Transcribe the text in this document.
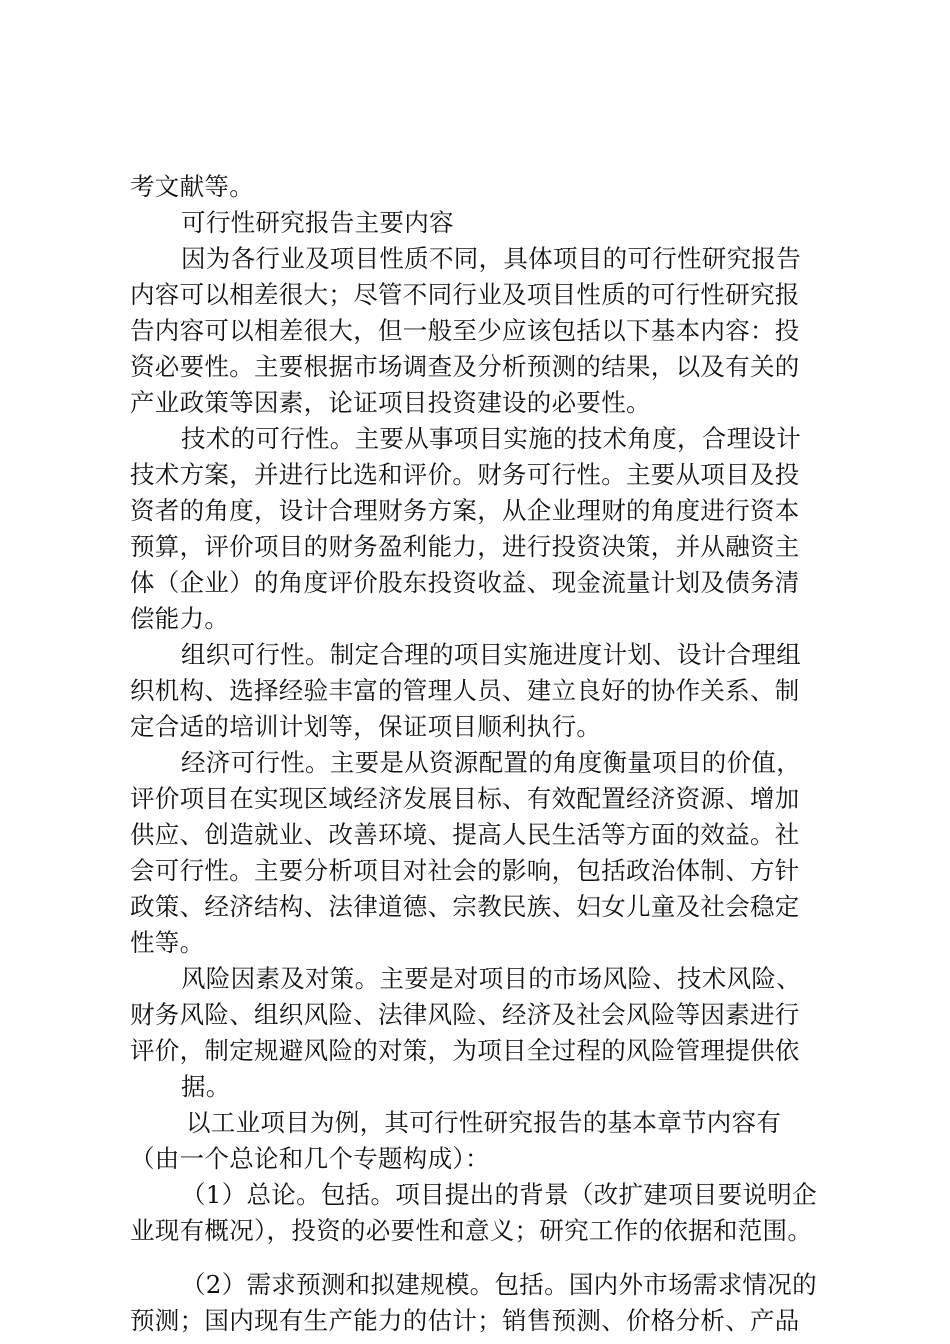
考文献等。
可行性研究报告主要内容
因为各行业及项目性质不同，具体项目的可行性研究报告
内容可以相差很大；尽管不同行业及项目性质的可行性研究报
告内容可以相差很大，但一般至少应该包括以下基本内容：投
资必要性。主要根据市场调查及分析预测的结果，以及有关的
产业政策等因素，论证项目投资建设的必要性。
技术的可行性。主要从事项目实施的技术角度，合理设计
技术方案，并进行比选和评价。财务可行性。主要从项目及投
资者的角度，设计合理财务方案，从企业理财的角度进行资本
预算，评价项目的财务盈利能力，进行投资决策，并从融资主
体（企业）的角度评价股东投资收益、现金流量计划及债务清
偿能力。
组织可行性。制定合理的项目实施进度计划、设计合理组
织机构、选择经验丰富的管理人员、建立良好的协作关系、制
定合适的培训计划等，保证项目顺利执行。
经济可行性。主要是从资源配置的角度衡量项目的价值，
评价项目在实现区域经济发展目标、有效配置经济资源、增加
供应、创造就业、改善环境、提高人民生活等方面的效益。社
会可行性。主要分析项目对社会的影响，包括政治体制、方针
政策、经济结构、法律道德、宗教民族、妇女儿童及社会稳定
性等。
风险因素及对策。主要是对项目的市场风险、技术风险、
财务风险、组织风险、法律风险、经济及社会风险等因素进行
评价，制定规避风险的对策，为项目全过程的风险管理提供依
据。
以工业项目为例，其可行性研究报告的基本章节内容有
（由一个总论和几个专题构成）：
（1）总论。包括。项目提出的背景（改扩建项目要说明企
业现有概况），投资的必要性和意义；研究工作的依据和范围。
（2）需求预测和拟建规模。包括。国内外市场需求情况的
预测；国内现有生产能力的估计；销售预测、价格分析、产品
